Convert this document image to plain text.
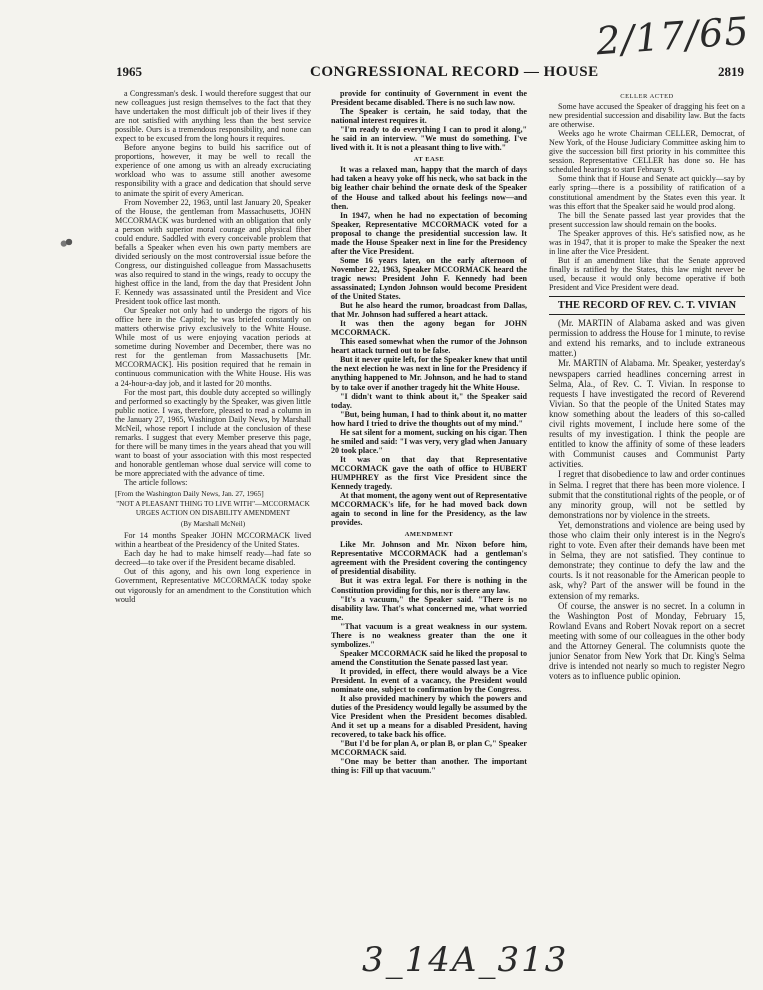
2/17/65
1965	CONGRESSIONAL RECORD — HOUSE	2819

a Congressman's desk. I would therefore suggest that our new colleagues just resign themselves to the fact that they have undertaken the most difficult job of their lives if they are not satisfied with anything less than the best service possible. Ours is a tremendous responsibility, and none can expect to be excused from the long hours it requires.

Before anyone begins to build his sacrifice out of proportions, however, it may be well to recall the experience of one among us with an already excruciating workload who was to assume still another awesome responsibility with a grace and dedication that should serve to animate the spirit of every American.

From November 22, 1963, until last January 20, Speaker of the House, the gentleman from Massachusetts, JOHN MCCORMACK was burdened with an obligation that only a person with superior moral courage and physical fiber could endure. Saddled with every conceivable problem that befalls a Speaker when even his own party members are divided seriously on the most controversial issue before the Congress, our distinguished colleague from Massachusetts was also required to stand in the wings, ready to occupy the highest office in the land, from the day that President John F. Kennedy was assassinated until the President and Vice President took office last month.

Our Speaker not only had to undergo the rigors of his office here in the Capitol; he was briefed constantly on matters otherwise privy exclusively to the White House. While most of us were enjoying vacation periods at sometime during November and December, there was no rest for the gentleman from Massachusetts [Mr. MCCORMACK]. His position required that he remain in continuous communication with the White House. His was a 24-hour-a-day job, and it lasted for 20 months.

For the most part, this double duty accepted so willingly and performed so exactingly by the Speaker, was given little public notice. I was, therefore, pleased to read a column in the January 27, 1965, Washington Daily News, by Marshall McNeil, whose report I include at the conclusion of these remarks. I suggest that every Member preserve this page, for there will be many times in the years ahead that you will want to boast of your association with this most respected and honorable gentleman whose dual service will come to be more appreciated with the advance of time.

The article follows:

[From the Washington Daily News, Jan. 27, 1965]

"NOT A PLEASANT THING TO LIVE WITH"—MCCORMACK URGES ACTION ON DISABILITY AMENDMENT

(By Marshall McNeil)

For 14 months Speaker JOHN MCCORMACK lived within a heartbeat of the Presidency of the United States.

Each day he had to make himself ready—had fate so decreed—to take over if the President became disabled.

Out of this agony, and his own long experience in Government, Representative MCCORMACK today spoke out vigorously for an amendment to the Constitution which would

provide for continuity of Government in event the President became disabled. There is no such law now.

The Speaker is certain, he said today, that the national interest requires it.

"I'm ready to do everything I can to prod it along," he said in an interview. "We must do something. I've lived with it. It is not a pleasant thing to live with."

AT EASE

It was a relaxed man, happy that the march of days had taken a heavy yoke off his neck, who sat back in the big leather chair behind the ornate desk of the Speaker of the House and talked about his feelings now—and then.

In 1947, when he had no expectation of becoming Speaker, Representative MCCORMACK voted for a proposal to change the presidential succession law. It made the House Speaker next in line for the Presidency after the Vice President.

Some 16 years later, on the early afternoon of November 22, 1963, Speaker MCCORMACK heard the tragic news: President John F. Kennedy had been assassinated; Lyndon Johnson would become President of the United States.

But he also heard the rumor, broadcast from Dallas, that Mr. Johnson had suffered a heart attack.

It was then the agony began for JOHN MCCORMACK.

This eased somewhat when the rumor of the Johnson heart attack turned out to be false.

But it never quite left, for the Speaker knew that until the next election he was next in line for the Presidency if anything happened to Mr. Johnson, and he had to stand by to take over if another tragedy hit the White House.

"I didn't want to think about it," the Speaker said today.

"But, being human, I had to think about it, no matter how hard I tried to drive the thoughts out of my mind."

He sat silent for a moment, sucking on his cigar. Then he smiled and said: "I was very, very glad when January 20 took place."

It was on that day that Representative MCCORMACK gave the oath of office to HUBERT HUMPHREY as the first Vice President since the Kennedy tragedy.

At that moment, the agony went out of Representative MCCORMACK's life, for he had moved back down again to second in line for the Presidency, as the law provides.

AMENDMENT

Like Mr. Johnson and Mr. Nixon before him, Representative MCCORMACK had a gentleman's agreement with the President covering the contingency of presidential disability.

But it was extra legal. For there is nothing in the Constitution providing for this, nor is there any law.

"It's a vacuum," the Speaker said. "There is no disability law. That's what concerned me, what worried me.

"That vacuum is a great weakness in our system. There is no weakness greater than the one it symbolizes."

Speaker MCCORMACK said he liked the proposal to amend the Constitution the Senate passed last year.

It provided, in effect, there would always be a Vice President. In event of a vacancy, the President would nominate one, subject to confirmation by the Congress.

It also provided machinery by which the powers and duties of the Presidency would legally be assumed by the Vice President when the President becomes disabled. And it set up a means for a disabled President, having recovered, to take back his office.

"But I'd be for plan A, or plan B, or plan C," Speaker MCCORMACK said.

"One may be better than another. The important thing is: Fill up that vacuum."

CELLER ACTED

Some have accused the Speaker of dragging his feet on a new presidential succession and disability law. But the facts are otherwise.

Weeks ago he wrote Chairman CELLER, Democrat, of New York, of the House Judiciary Committee asking him to give the succession bill first priority in his committee this session. Representative CELLER has done so. He has scheduled hearings to start February 9.

Some think that if House and Senate act quickly—say by early spring—there is a possibility of ratification of a constitutional amendment by the States even this year. It was this effort that the Speaker said he would prod along.

The bill the Senate passed last year provides that the present succession law should remain on the books.

The Speaker approves of this. He's satisfied now, as he was in 1947, that it is proper to make the Speaker the next in line after the Vice President.

But if an amendment like that the Senate approved finally is ratified by the States, this law might never be used, because it would only become operative if both President and Vice President were dead.

THE RECORD OF REV. C. T. VIVIAN

(Mr. MARTIN of Alabama asked and was given permission to address the House for 1 minute, to revise and extend his remarks, and to include extraneous matter.)

Mr. MARTIN of Alabama. Mr. Speaker, yesterday's newspapers carried headlines concerning arrest in Selma, Ala., of Rev. C. T. Vivian. In response to requests I have investigated the record of Reverend Vivian. So that the people of the United States may know something about the leaders of this so-called civil rights movement, I include here some of the results of my investigation. I think the people are entitled to know the affinity of some of these leaders with Communist causes and Communist Party activities.

I regret that disobedience to law and order continues in Selma. I regret that there has been more violence. I submit that the constitutional rights of the people, or of any minority group, will not be settled by demonstrations nor by violence in the streets.

Yet, demonstrations and violence are being used by those who claim their only interest is in the Negro's right to vote. Even after their demands have been met in Selma, they are not satisfied. They continue to demonstrate; they continue to defy the law and the courts. Is it not reasonable for the American people to ask, why? Part of the answer will be found in the extension of my remarks.

Of course, the answer is no secret. In a column in the Washington Post of Monday, February 15, Rowland Evans and Robert Novak report on a secret meeting with some of our colleagues in the other body and the Attorney General. The columnists quote the junior Senator from New York that Dr. King's Selma drive is intended not nearly so much to register Negro voters as to influence public opinion.

3_14A_313
